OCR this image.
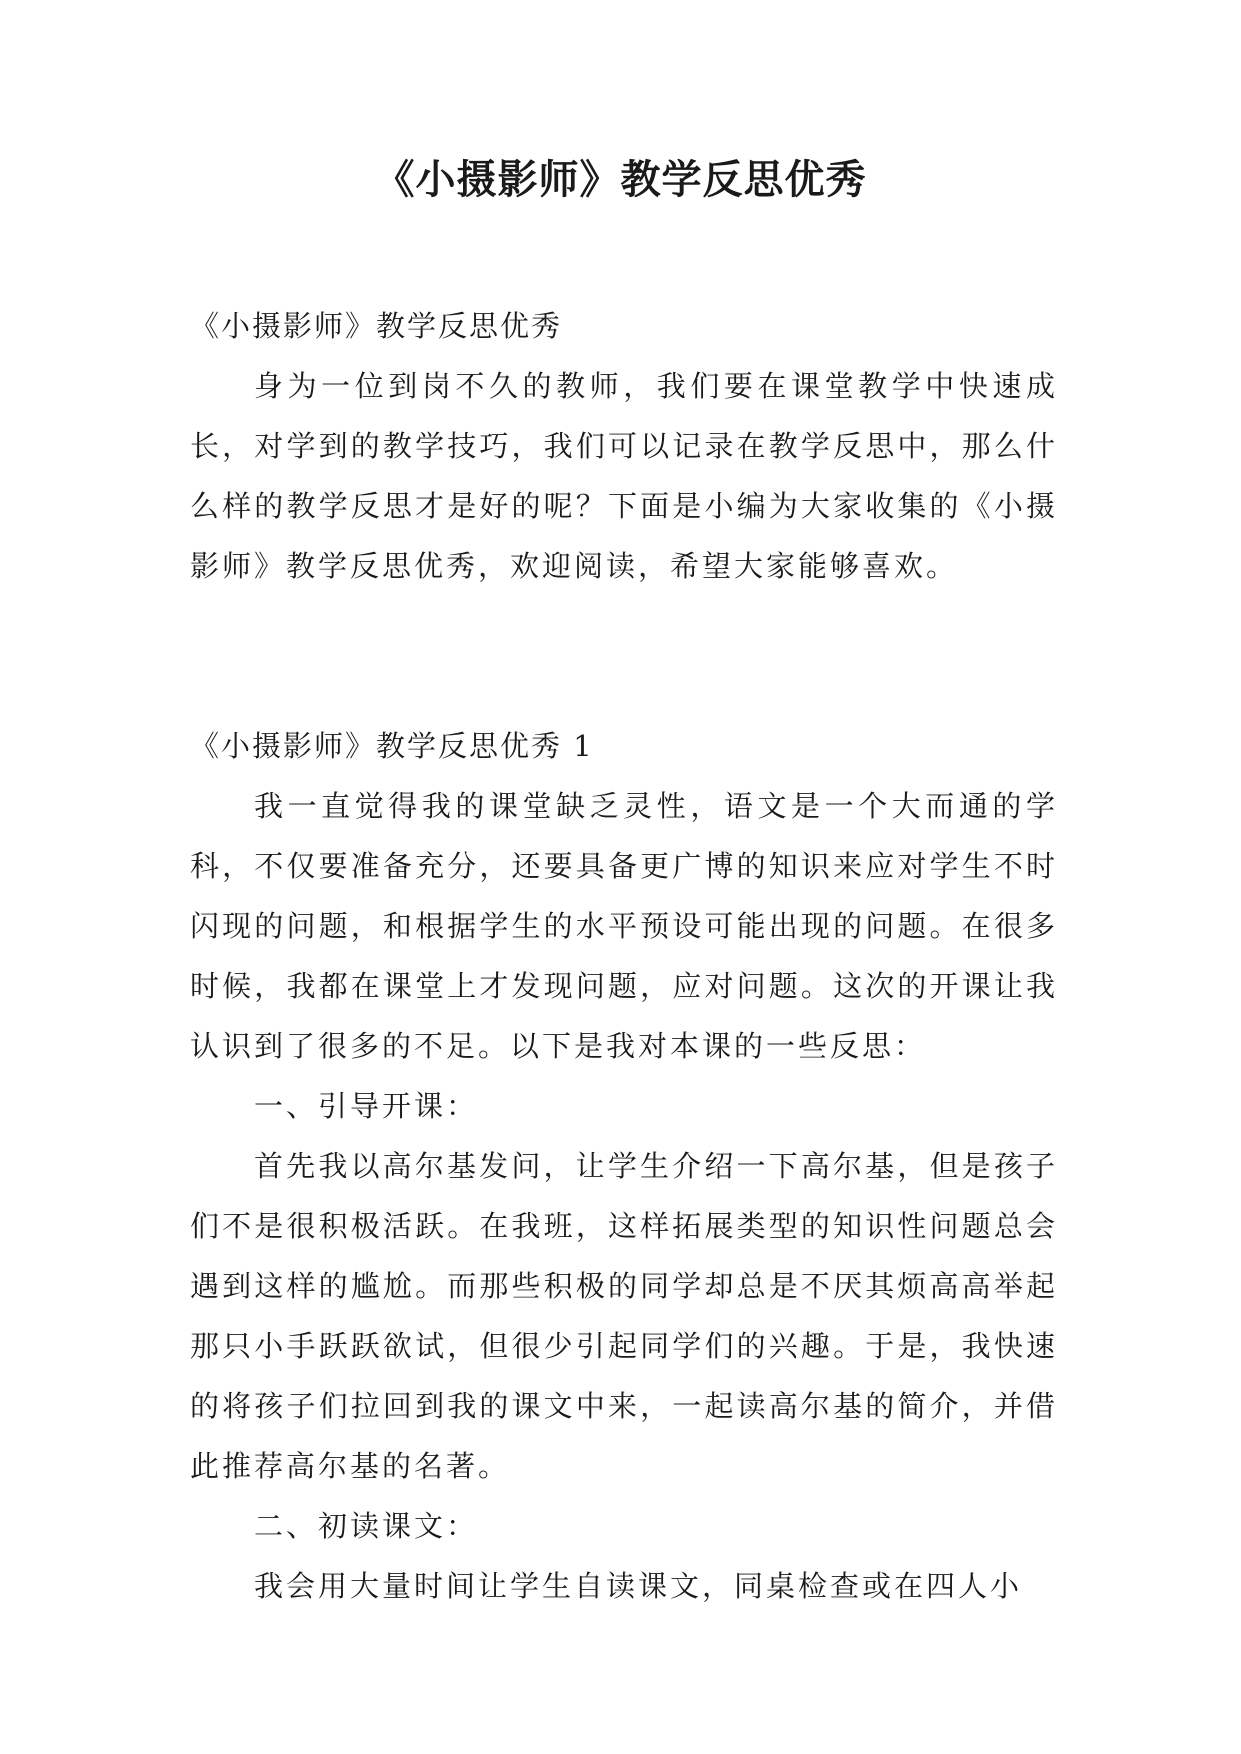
《小摄影师》教学反思优秀

《小摄影师》教学反思优秀

身为一位到岗不久的教师，我们要在课堂教学中快速成长，对学到的教学技巧，我们可以记录在教学反思中，那么什么样的教学反思才是好的呢？下面是小编为大家收集的《小摄影师》教学反思优秀，欢迎阅读，希望大家能够喜欢。

《小摄影师》教学反思优秀 1

我一直觉得我的课堂缺乏灵性，语文是一个大而通的学科，不仅要准备充分，还要具备更广博的知识来应对学生不时闪现的问题，和根据学生的水平预设可能出现的问题。在很多时候，我都在课堂上才发现问题，应对问题。这次的开课让我认识到了很多的不足。以下是我对本课的一些反思：

一、引导开课：

首先我以高尔基发问，让学生介绍一下高尔基，但是孩子们不是很积极活跃。在我班，这样拓展类型的知识性问题总会遇到这样的尴尬。而那些积极的同学却总是不厌其烦高高举起那只小手跃跃欲试，但很少引起同学们的兴趣。于是，我快速的将孩子们拉回到我的课文中来，一起读高尔基的简介，并借此推荐高尔基的名著。

二、初读课文：

我会用大量时间让学生自读课文，同桌检查或在四人小
